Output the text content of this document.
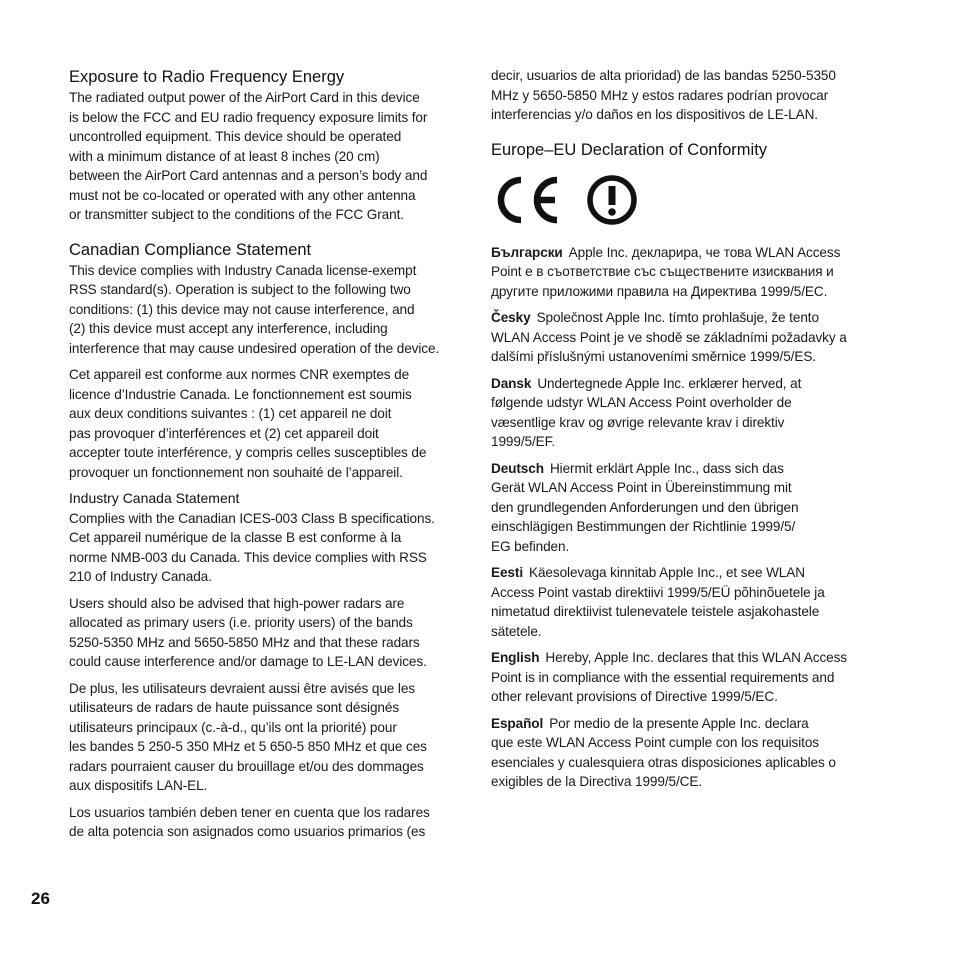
Exposure to Radio Frequency Energy

The radiated output power of the AirPort Card in this device
is below the FCC and EU radio frequency exposure limits for
uncontrolled equipment. This device should be operated
with a minimum distance of at least 8 inches (20 cm)
between the AirPort Card antennas and a person’s body and
must not be co-located or operated with any other antenna
or transmitter subject to the conditions of the FCC Grant.

Canadian Compliance Statement

This device complies with Industry Canada license-exempt
RSS standard(s). Operation is subject to the following two
conditions: (1) this device may not cause interference, and
(2) this device must accept any interference, including
interference that may cause undesired operation of the device.

Cet appareil est conforme aux normes CNR exemptes de
licence d’Industrie Canada. Le fonctionnement est soumis
aux deux conditions suivantes : (1) cet appareil ne doit
pas provoquer d’interférences et (2) cet appareil doit
accepter toute interférence, y compris celles susceptibles de
provoquer un fonctionnement non souhaité de l’appareil.

Industry Canada Statement

Complies with the Canadian ICES-003 Class B specifications.
Cet appareil numérique de la classe B est conforme à la
norme NMB-003 du Canada. This device complies with RSS
210 of Industry Canada.

Users should also be advised that high-power radars are
allocated as primary users (i.e. priority users) of the bands
5250-5350 MHz and 5650-5850 MHz and that these radars
could cause interference and/or damage to LE-LAN devices.

De plus, les utilisateurs devraient aussi être avisés que les
utilisateurs de radars de haute puissance sont désignés
utilisateurs principaux (c.-à-d., qu’ils ont la priorité) pour
les bandes 5 250-5 350 MHz et 5 650-5 850 MHz et que ces
radars pourraient causer du brouillage et/ou des dommages
aux dispositifs LAN-EL.

Los usuarios también deben tener en cuenta que los radares
de alta potencia son asignados como usuarios primarios (es

decir, usuarios de alta prioridad) de las bandas 5250-5350
MHz y 5650-5850 MHz y estos radares podrían provocar
interferencias y/o daños en los dispositivos de LE-LAN.

Europe–EU Declaration of Conformity

Български Apple Inc. декларира, че това WLAN Access
Point е в съответствие със съществените изисквания и
другите приложими правила на Директива 1999/5/ЕС.

Česky Společnost Apple Inc. tímto prohlašuje, že tento
WLAN Access Point je ve shodě se základními požadavky a
dalšími příslušnými ustanoveními směrnice 1999/5/ES.

Dansk Undertegnede Apple Inc. erklærer herved, at
følgende udstyr WLAN Access Point overholder de
væsentlige krav og øvrige relevante krav i direktiv
1999/5/EF.

Deutsch Hiermit erklärt Apple Inc., dass sich das
Gerät WLAN Access Point in Übereinstimmung mit
den grundlegenden Anforderungen und den übrigen
einschlägigen Bestimmungen der Richtlinie 1999/5/
EG befinden.

Eesti Käesolevaga kinnitab Apple Inc., et see WLAN
Access Point vastab direktiivi 1999/5/EÜ põhinõuetele ja
nimetatud direktiivist tulenevatele teistele asjakohastele
sätetele.

English Hereby, Apple Inc. declares that this WLAN Access
Point is in compliance with the essential requirements and
other relevant provisions of Directive 1999/5/EC.

Español Por medio de la presente Apple Inc. declara
que este WLAN Access Point cumple con los requisitos
esenciales y cualesquiera otras disposiciones aplicables o
exigibles de la Directiva 1999/5/CE.

26
